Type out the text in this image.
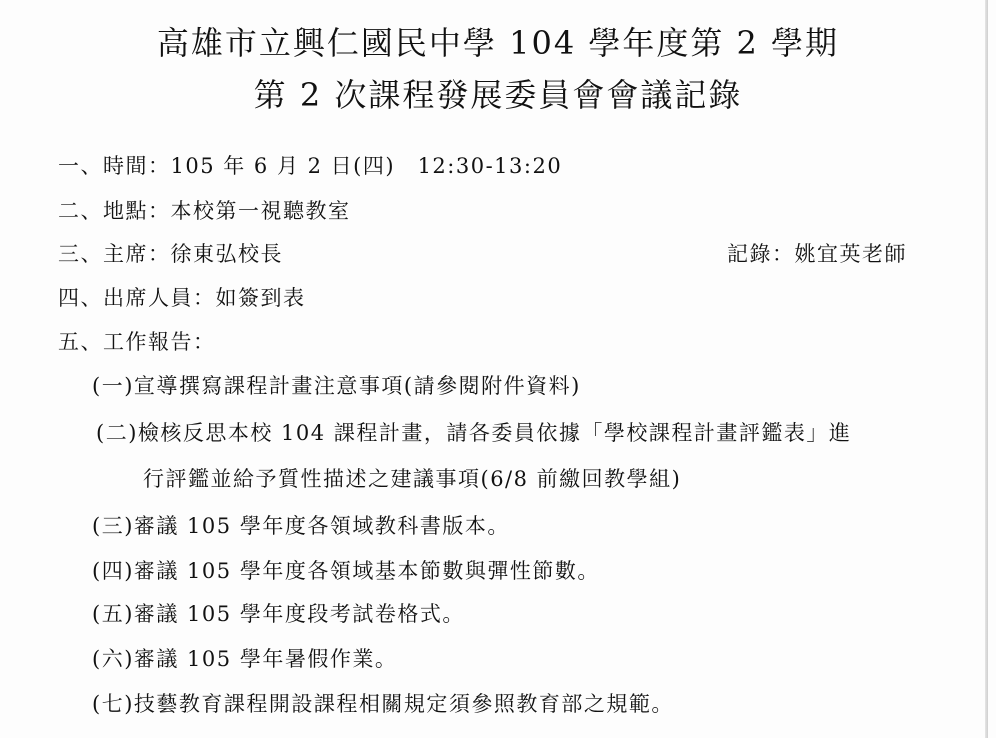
高雄市立興仁國民中學 104 學年度第 2 學期
第 2 次課程發展委員會會議記錄
一、時間：105 年 6 月 2 日(四)　12:30-13:20
二、地點：本校第一視聽教室
三、主席：徐東弘校長	記錄：姚宜英老師
四、出席人員：如簽到表
五、工作報告：
(一)宣導撰寫課程計畫注意事項(請參閱附件資料)
(二)檢核反思本校 104 課程計畫，請各委員依據「學校課程計畫評鑑表」進
行評鑑並給予質性描述之建議事項(6/8 前繳回教學組)
(三)審議 105 學年度各領域教科書版本。
(四)審議 105 學年度各領域基本節數與彈性節數。
(五)審議 105 學年度段考試卷格式。
(六)審議 105 學年暑假作業。
(七)技藝教育課程開設課程相關規定須參照教育部之規範。
